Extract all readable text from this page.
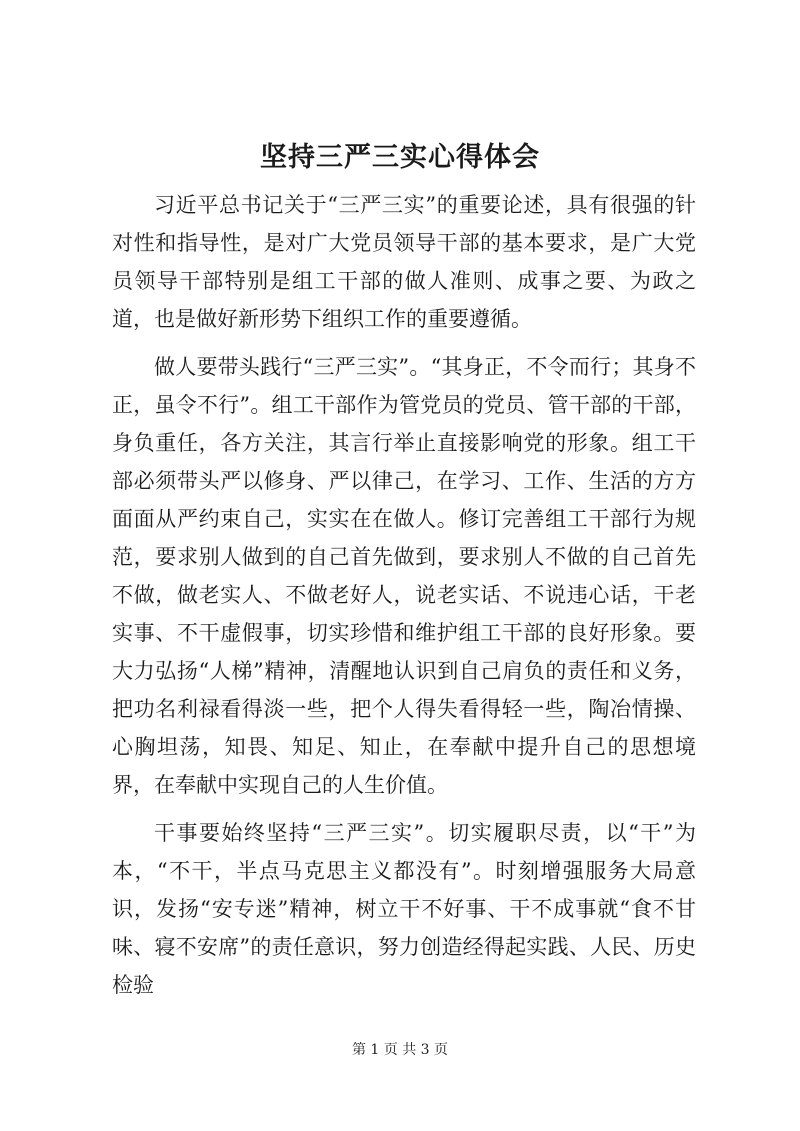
坚持三严三实心得体会

习近平总书记关于“三严三实”的重要论述，具有很强的针对性和指导性，是对广大党员领导干部的基本要求，是广大党员领导干部特别是组工干部的做人准则、成事之要、为政之道，也是做好新形势下组织工作的重要遵循。

做人要带头践行“三严三实”。“其身正，不令而行；其身不正，虽令不行”。组工干部作为管党员的党员、管干部的干部，身负重任，各方关注，其言行举止直接影响党的形象。组工干部必须带头严以修身、严以律己，在学习、工作、生活的方方面面从严约束自己，实实在在做人。修订完善组工干部行为规范，要求别人做到的自己首先做到，要求别人不做的自己首先不做，做老实人、不做老好人，说老实话、不说违心话，干老实事、不干虚假事，切实珍惜和维护组工干部的良好形象。要大力弘扬“人梯”精神，清醒地认识到自己肩负的责任和义务，把功名利禄看得淡一些，把个人得失看得轻一些，陶冶情操、心胸坦荡，知畏、知足、知止，在奉献中提升自己的思想境界，在奉献中实现自己的人生价值。

干事要始终坚持“三严三实”。切实履职尽责，以“干”为本，“不干，半点马克思主义都没有”。时刻增强服务大局意识，发扬“安专迷”精神，树立干不好事、干不成事就“食不甘味、寝不安席”的责任意识，努力创造经得起实践、人民、历史检验

第 1 页 共 3 页
